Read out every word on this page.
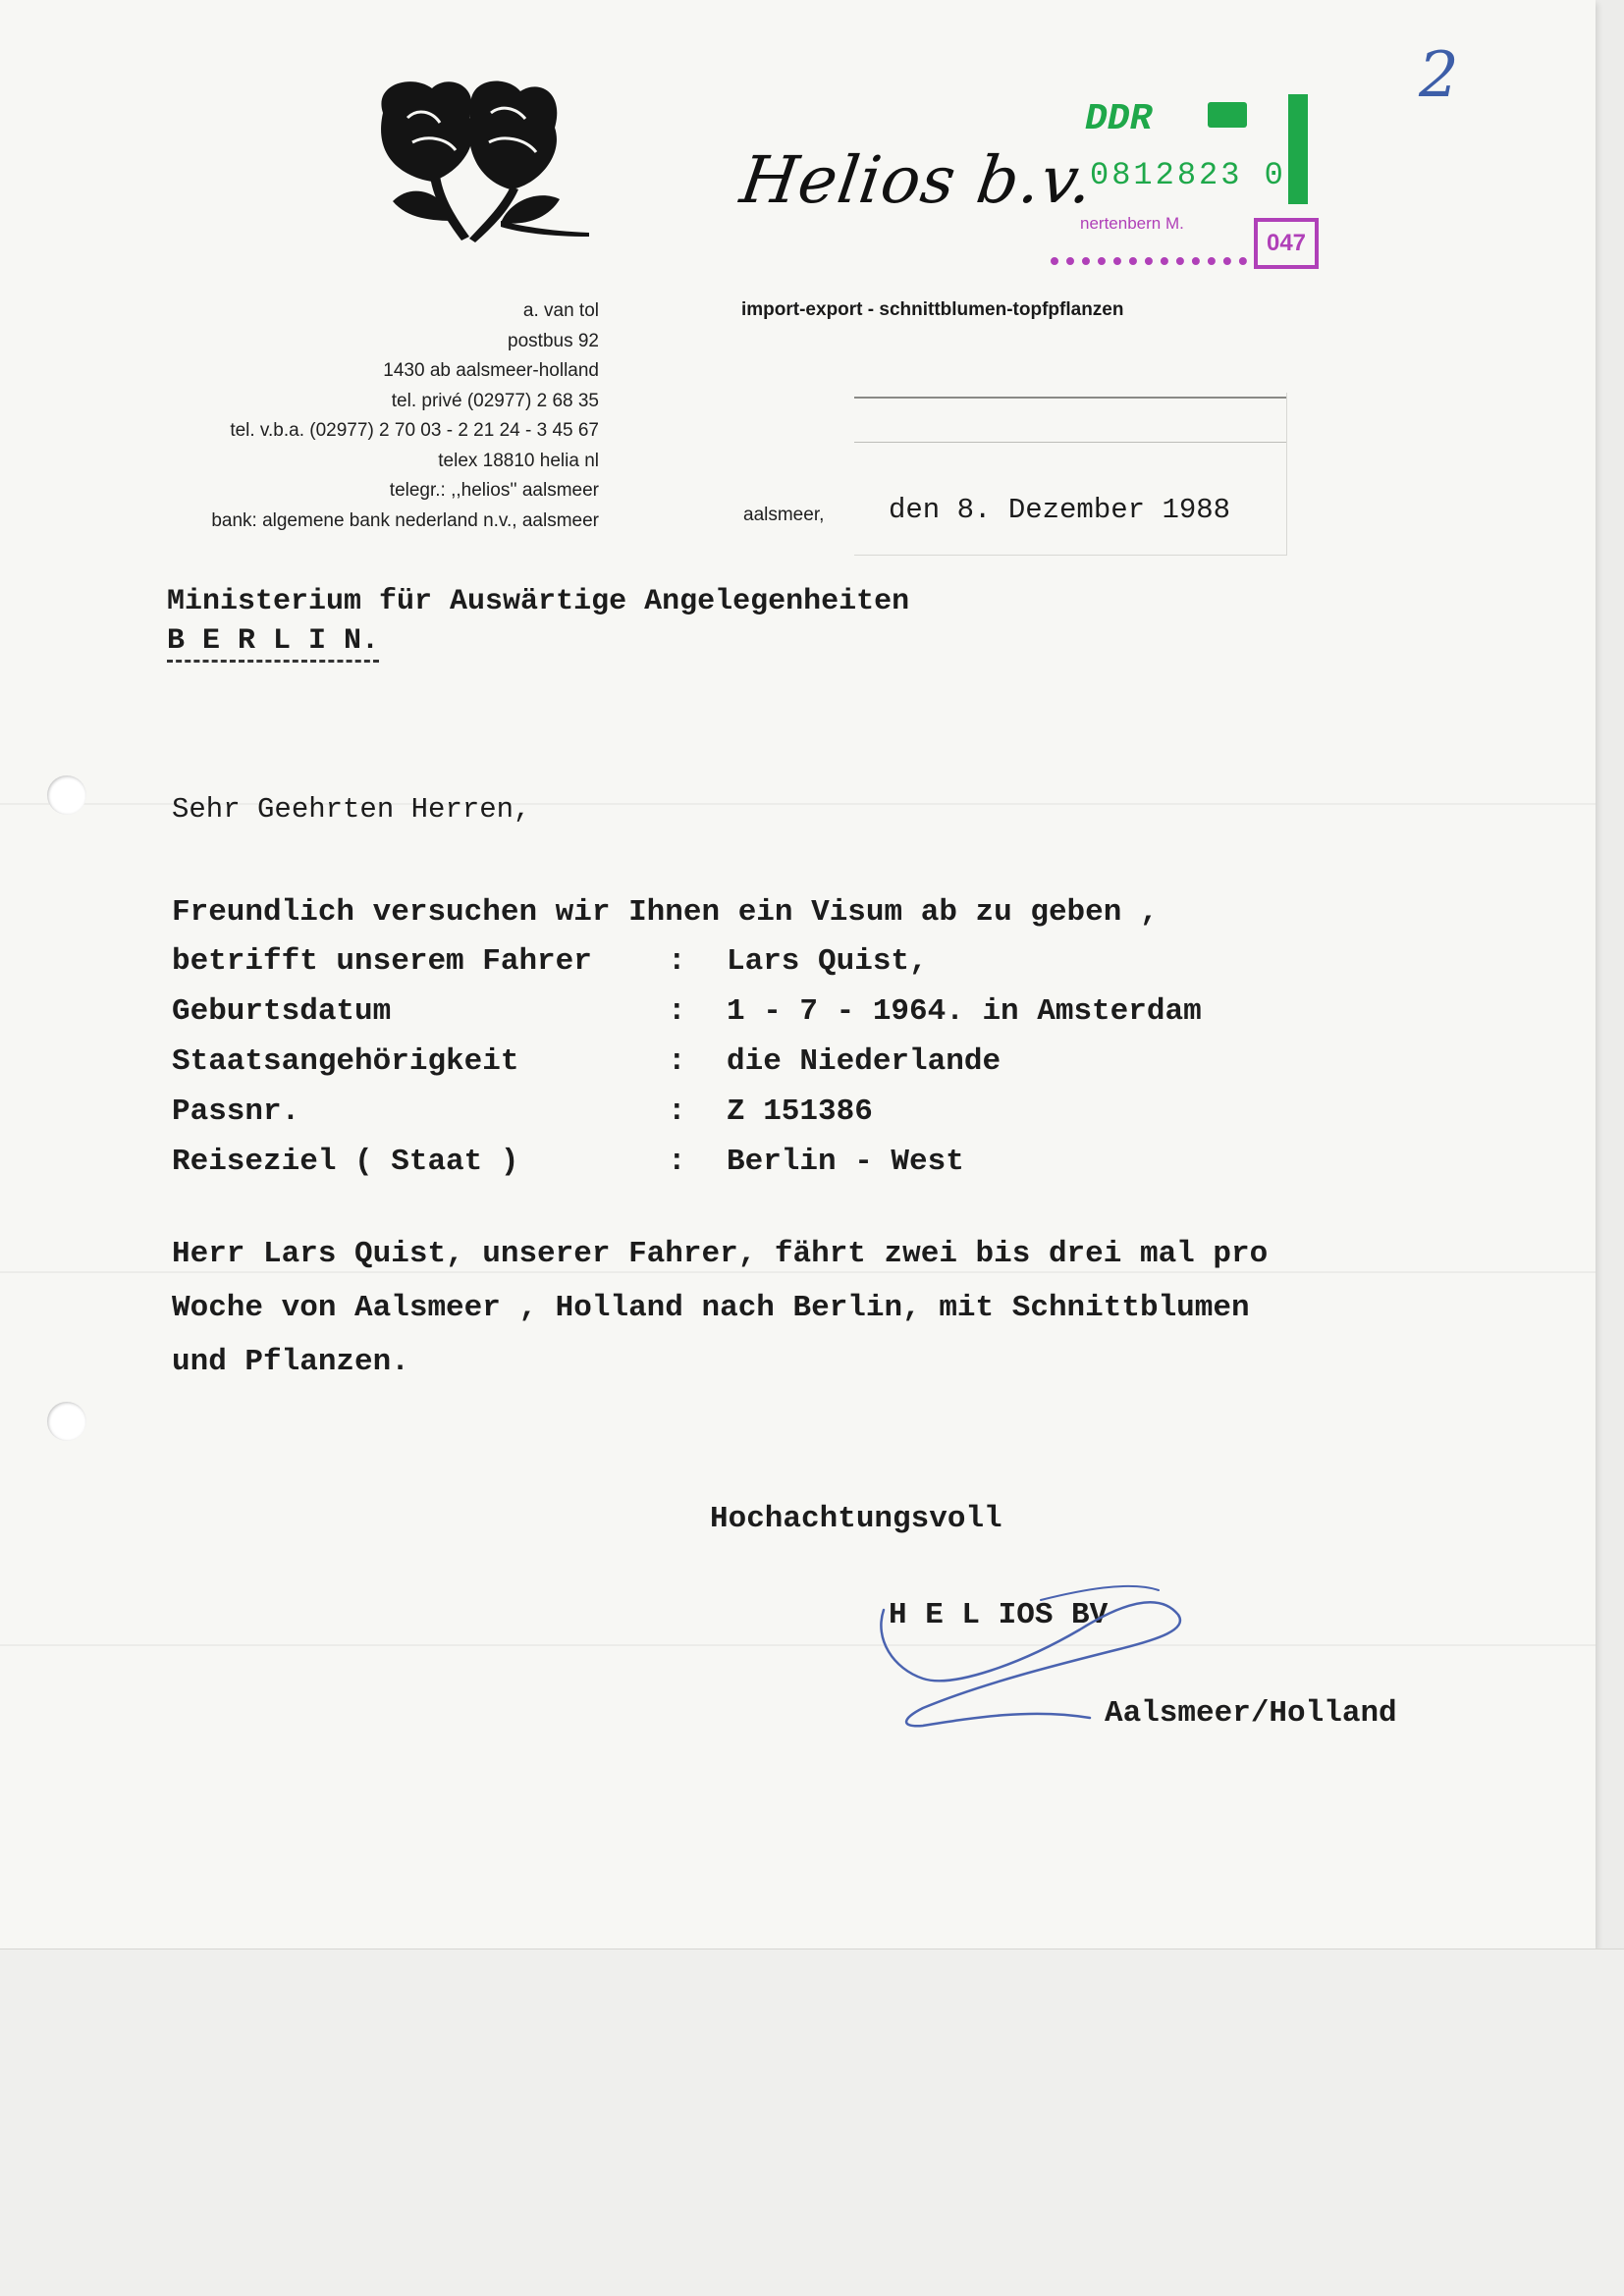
2
Helios b.v.
import-export - schnittblumen-topfpflanzen
DDR
0812823 0
nertenbern M.
047
a. van tol
postbus 92
1430 ab aalsmeer-holland
tel. privé (02977) 2 68 35
tel. v.b.a. (02977) 2 70 03 - 2 21 24 - 3 45 67
telex 18810 helia nl
telegr.: ,,helios'' aalsmeer
bank: algemene bank nederland n.v., aalsmeer	aalsmeer, den 8. Dezember 1988
Ministerium für Auswärtige Angelegenheiten
B E R L I N.
Sehr Geehrten Herren,
Freundlich versuchen wir Ihnen ein Visum ab zu geben ,
betrifft unserem Fahrer : Lars Quist,
Geburtsdatum	: 1 - 7 - 1964. in Amsterdam
Staatsangehörigkeit	: die Niederlande
Passnr.	: Z 151386
Reiseziel ( Staat )	: Berlin - West
Herr Lars Quist, unserer Fahrer, fährt zwei bis drei mal pro
Woche von Aalsmeer , Holland nach Berlin, mit Schnittblumen
und Pflanzen.
Hochachtungsvoll
H E L IOS BV
Aalsmeer/Holland
